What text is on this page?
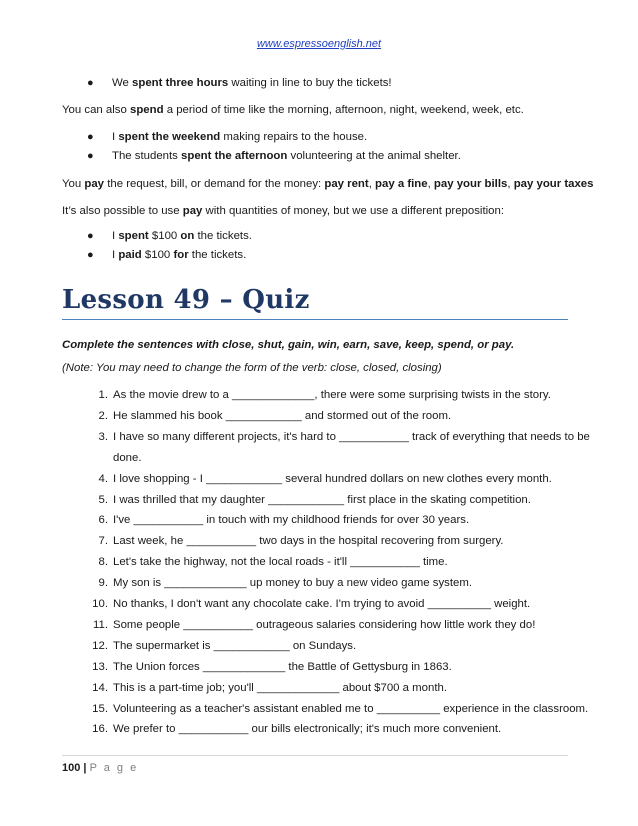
www.espressoenglish.net
● We spent three hours waiting in line to buy the tickets!
You can also spend a period of time like the morning, afternoon, night, weekend, week, etc.
● I spent the weekend making repairs to the house.
● The students spent the afternoon volunteering at the animal shelter.
You pay the request, bill, or demand for the money: pay rent, pay a fine, pay your bills, pay your taxes
It’s also possible to use pay with quantities of money, but we use a different preposition:
● I spent $100 on the tickets.
● I paid $100 for the tickets.
Lesson 49 – Quiz
Complete the sentences with close, shut, gain, win, earn, save, keep, spend, or pay.
(Note: You may need to change the form of the verb: close, closed, closing)
1. As the movie drew to a _____________, there were some surprising twists in the story.
2. He slammed his book ____________ and stormed out of the room.
3. I have so many different projects, it's hard to ___________ track of everything that needs to be
done.
4. I love shopping - I ____________ several hundred dollars on new clothes every month.
5. I was thrilled that my daughter ____________ first place in the skating competition.
6. I've ___________ in touch with my childhood friends for over 30 years.
7. Last week, he ___________ two days in the hospital recovering from surgery.
8. Let's take the highway, not the local roads - it'll ___________ time.
9. My son is _____________ up money to buy a new video game system.
10. No thanks, I don't want any chocolate cake. I'm trying to avoid __________ weight.
11. Some people ___________ outrageous salaries considering how little work they do!
12. The supermarket is ____________ on Sundays.
13. The Union forces _____________ the Battle of Gettysburg in 1863.
14. This is a part-time job; you'll _____________ about $700 a month.
15. Volunteering as a teacher's assistant enabled me to __________ experience in the classroom.
16. We prefer to ___________ our bills electronically; it's much more convenient.
100 | P a g e
